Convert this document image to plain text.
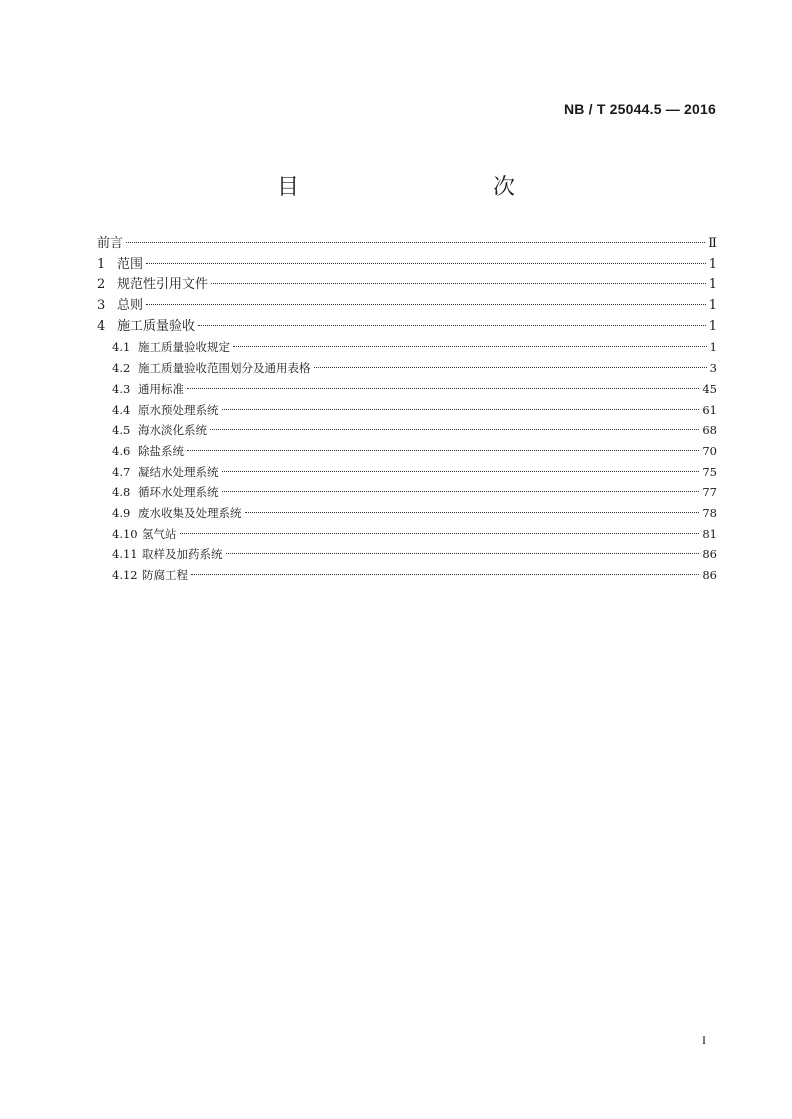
NB / T 25044.5 — 2016
目　　次
前言	Ⅱ
1 范围	1
2 规范性引用文件	1
3 总则	1
4 施工质量验收	1
4.1 施工质量验收规定	1
4.2 施工质量验收范围划分及通用表格	3
4.3 通用标准	45
4.4 原水预处理系统	61
4.5 海水淡化系统	68
4.6 除盐系统	70
4.7 凝结水处理系统	75
4.8 循环水处理系统	77
4.9 废水收集及处理系统	78
4.10 氢气站	81
4.11 取样及加药系统	86
4.12 防腐工程	86
I
